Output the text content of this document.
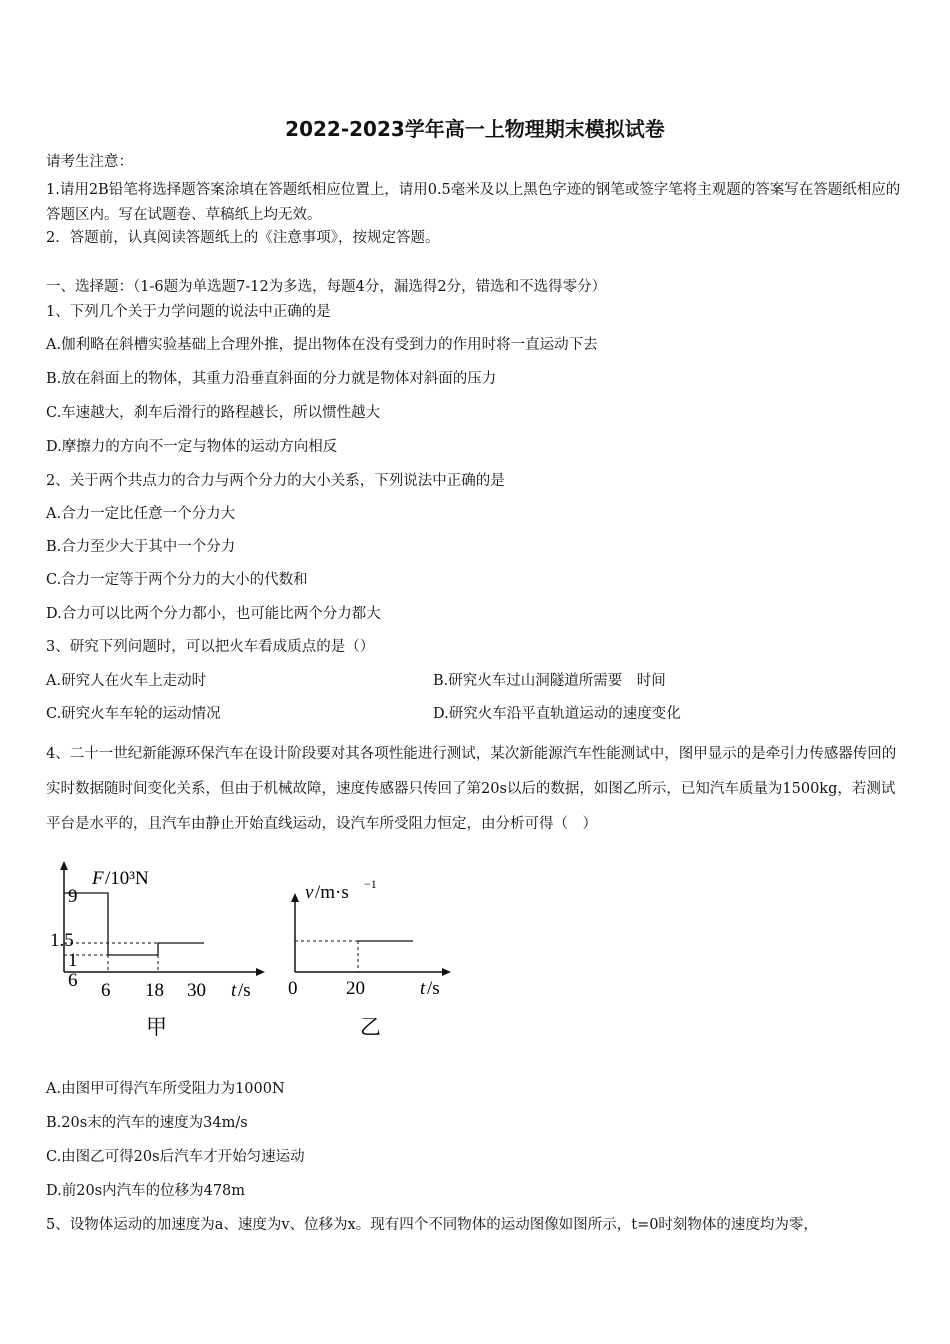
2022-2023学年高一上物理期末模拟试卷
请考生注意：
1.请用2B铅笔将选择题答案涂填在答题纸相应位置上，请用0.5毫米及以上黑色字迹的钢笔或签字笔将主观题的答案写在答题纸相应的答题区内。写在试题卷、草稿纸上均无效。
2．答题前，认真阅读答题纸上的《注意事项》，按规定答题。
一、选择题：（1-6题为单选题7-12为多选，每题4分，漏选得2分，错选和不选得零分）
1、下列几个关于力学问题的说法中正确的是
A.伽利略在斜槽实验基础上合理外推，提出物体在没有受到力的作用时将一直运动下去
B.放在斜面上的物体，其重力沿垂直斜面的分力就是物体对斜面的压力
C.车速越大，刹车后滑行的路程越长，所以惯性越大
D.摩擦力的方向不一定与物体的运动方向相反
2、关于两个共点力的合力与两个分力的大小关系，下列说法中正确的是
A.合力一定比任意一个分力大
B.合力至少大于其中一个分力
C.合力一定等于两个分力的大小的代数和
D.合力可以比两个分力都小，也可能比两个分力都大
3、研究下列问题时，可以把火车看成质点的是（）
A.研究人在火车上走动时	B.研究火车过山洞隧道所需要　时间
C.研究火车车轮的运动情况	D.研究火车沿平直轨道运动的速度变化
4、二十一世纪新能源环保汽车在设计阶段要对其各项性能进行测试，某次新能源汽车性能测试中，图甲显示的是牵引力传感器传回的实时数据随时间变化关系，但由于机械故障，速度传感器只传回了第20s以后的数据，如图乙所示，已知汽车质量为1500kg，若测试平台是水平的，且汽车由静止开始直线运动，设汽车所受阻力恒定，由分析可得（　）
F /10³N
9
1.5
1
6 6 18 30 t /s
甲
v /m·s −1
0	20	t /s
乙
A.由图甲可得汽车所受阻力为1000N
B.20s末的汽车的速度为34m/s
C.由图乙可得20s后汽车才开始匀速运动
D.前20s内汽车的位移为478m
5、设物体运动的加速度为a、速度为v、位移为x。现有四个不同物体的运动图像如图所示，t=0时刻物体的速度均为零，
